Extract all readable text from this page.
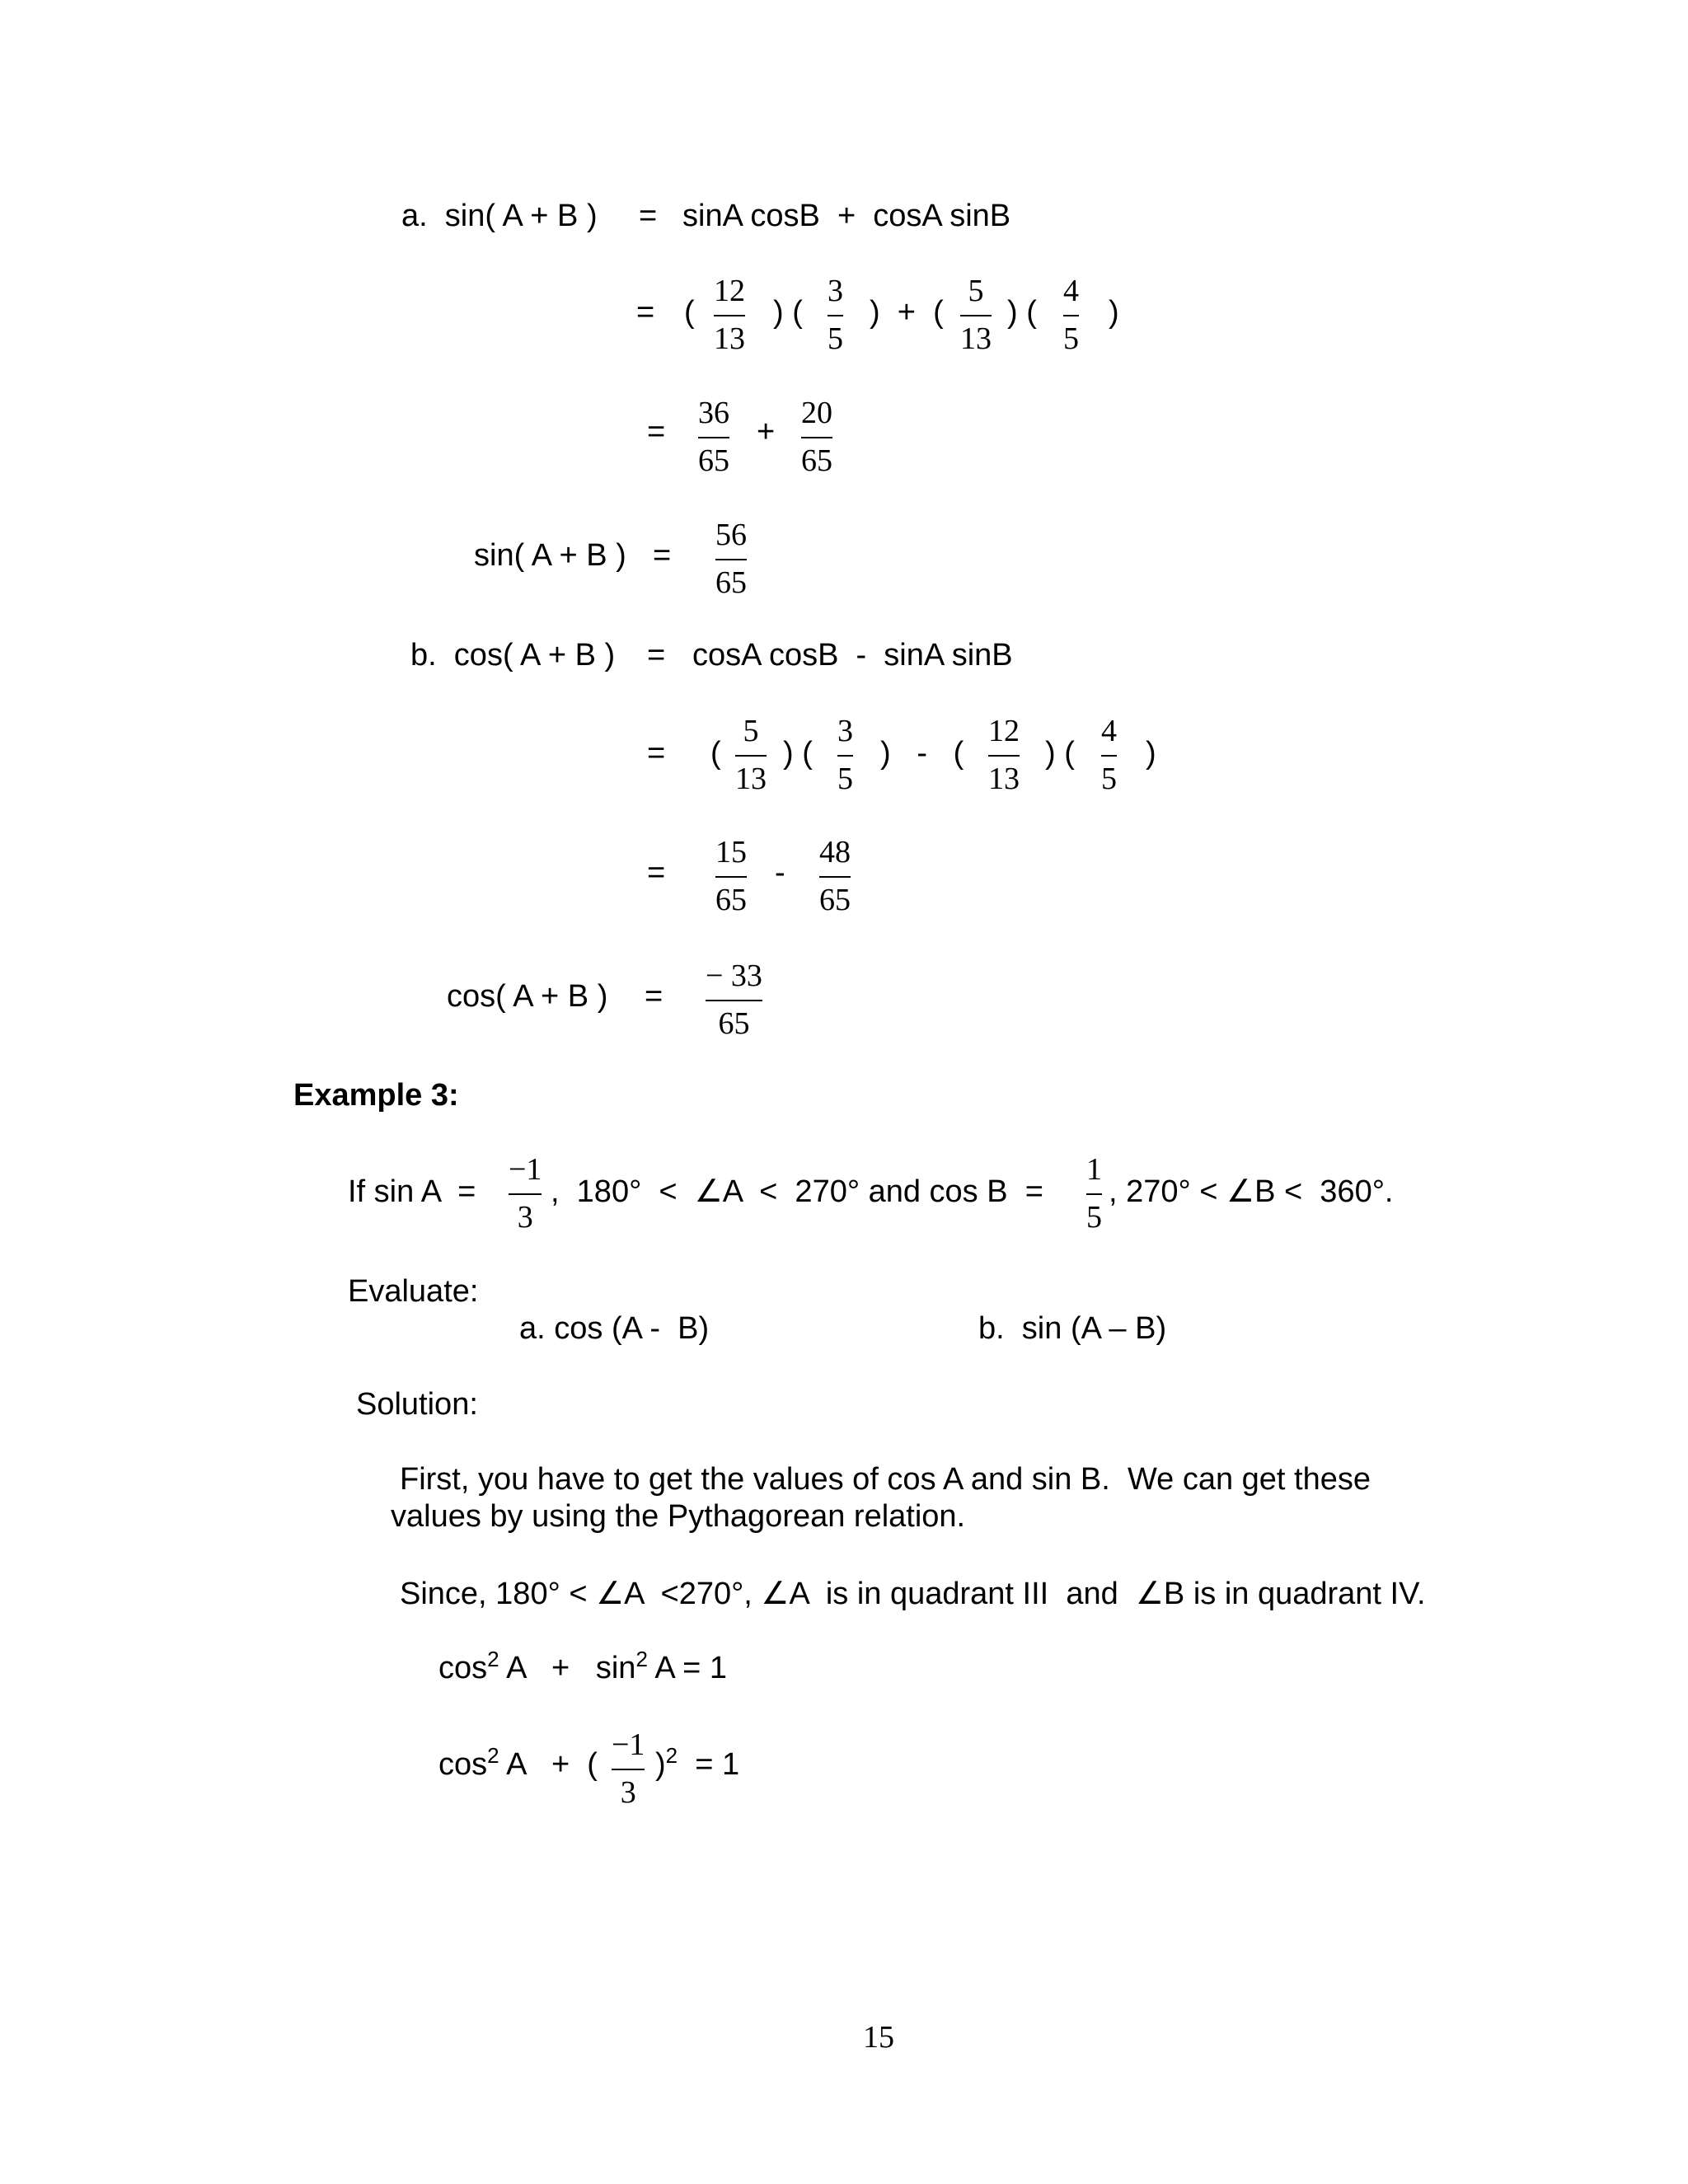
a.  sin( A + B ) = sinA cosB  +  cosA sinB
= (
12
13
) (
3
5
)  +  (
5
13
) (
4
5
)
=
36
65
+
20
65
sin( A + B ) =
56
65
b.  cos( A + B ) = cosA cosB  -  sinA sinB
= (
5
13
) (
3
5
)   -   (
12
13
) (
4
5
)
=
15
65
-
48
65
cos( A + B ) =
− 33
65
Example 3:
If sin A  =
−1
3
,  180°  <  ∠A  <  270° and cos B  =
1
5
, 270° < ∠B <  360°.
Evaluate:
a. cos (A -  B)	b.  sin (A – B)
Solution:
First, you have to get the values of cos A and sin B.  We can get these
values by using the Pythagorean relation.
Since, 180° < ∠A  <270°, ∠A  is in quadrant III  and  ∠B is in quadrant IV.
$\cos^2 A + \sin^2 A = 1$
$\cos^2 A$   +  (
−1
3
)$^2$  = 1
15
